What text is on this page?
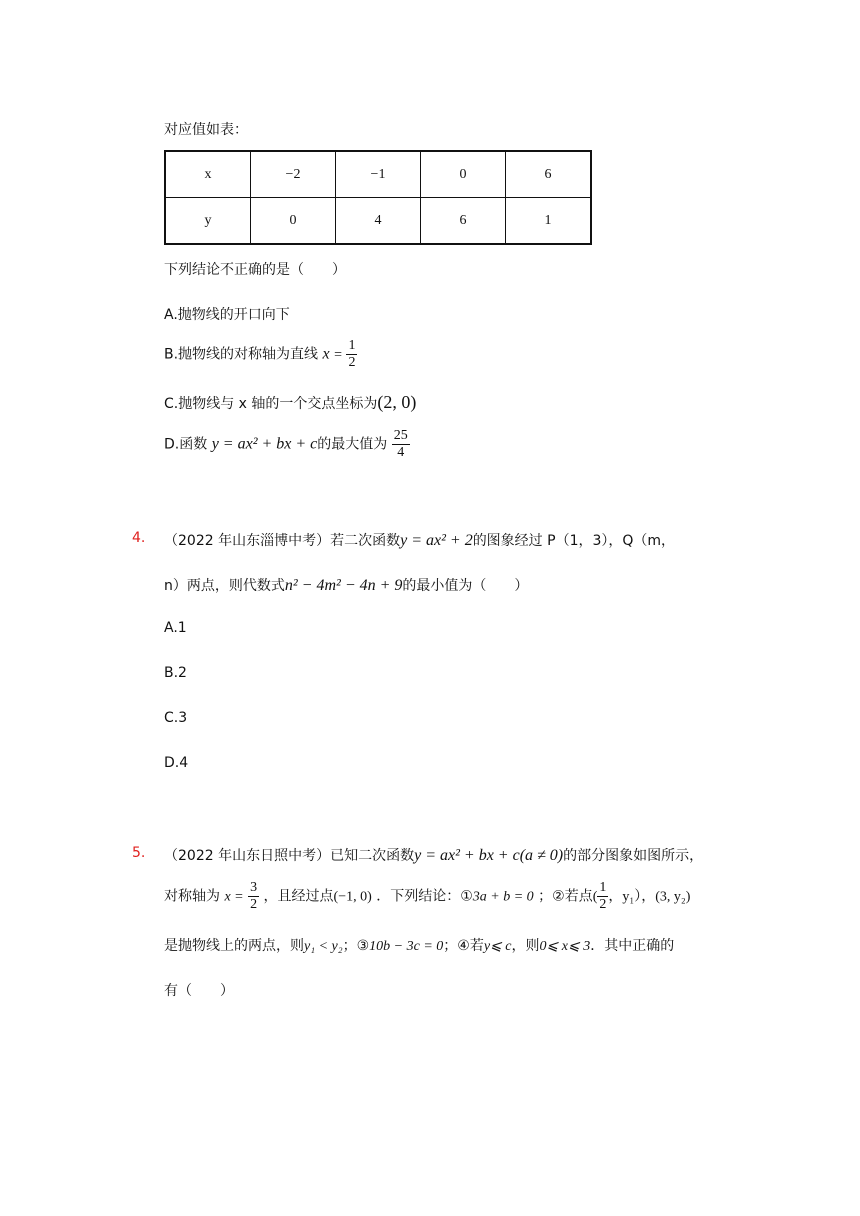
对应值如表：
x	−2	−1	0	6
y	0	4	6	1
下列结论不正确的是（　　）
A.抛物线的开口向下
B.抛物线的对称轴为直线 $x = \frac{1}{2}$
C.抛物线与 x 轴的一个交点坐标为(2, 0)
D.函数 y = ax² + bx + c的最大值为 $\frac{25}{4}$
4. （2022 年山东淄博中考）若二次函数y = ax² + 2的图象经过 P（1，3），Q（m，
n）两点，则代数式n² − 4m² − 4n + 9的最小值为（　　）
A.1
B.2
C.3
D.4
5. （2022 年山东日照中考）已知二次函数y = ax² + bx + c(a ≠ 0)的部分图象如图所示，
对称轴为 $x = \frac{3}{2}$ ，且经过点(−1, 0) ．下列结论：①3a + b = 0 ；②若点( $\frac{1}{2}$ ，y₁），(3, y₂)
是抛物线上的两点，则y₁ < y₂；③10b − 3c = 0；④若y⩽ c，则0⩽ x⩽ 3．其中正确的
有（　　）
